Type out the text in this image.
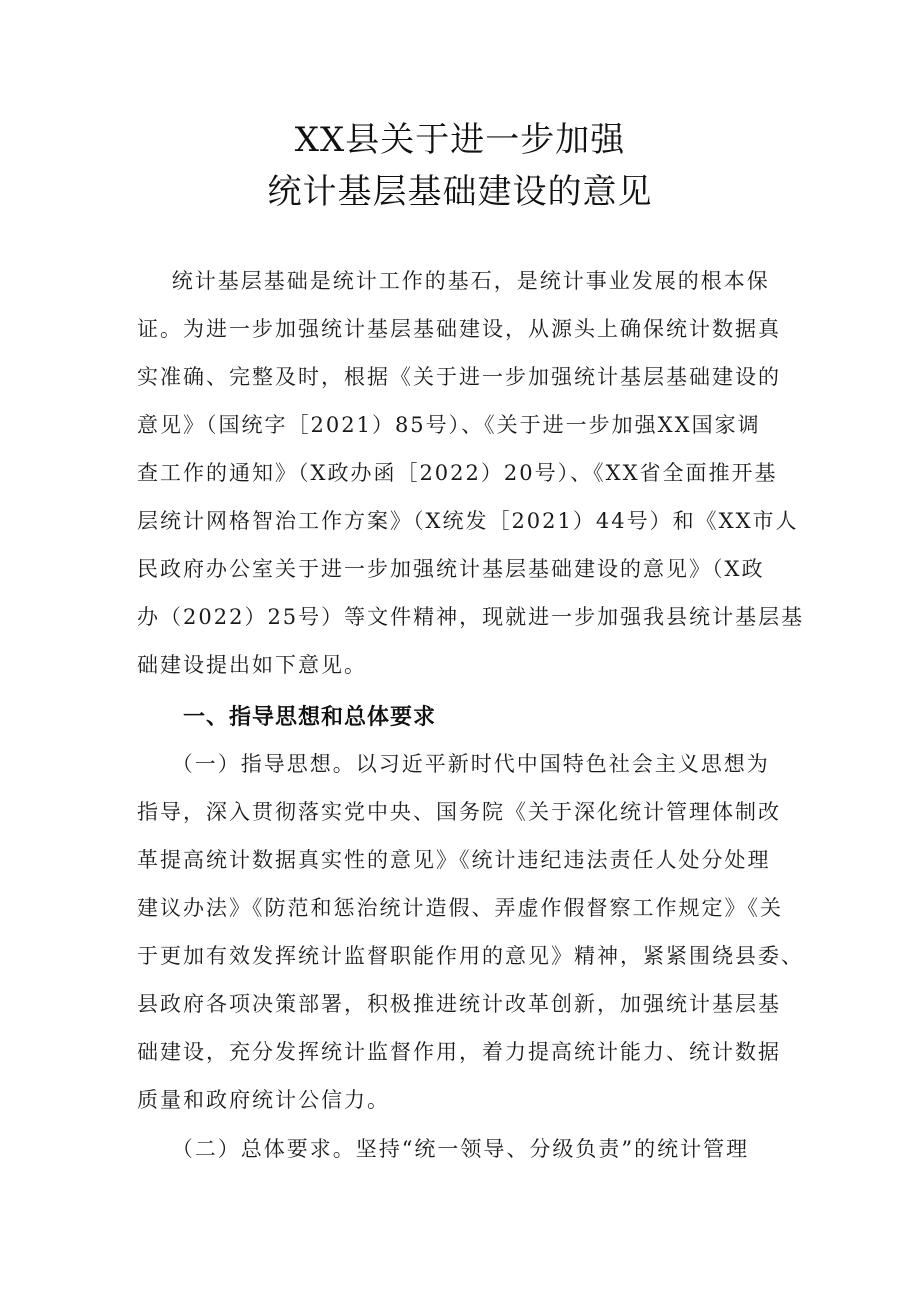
XX县关于进一步加强
统计基层基础建设的意见
统计基层基础是统计工作的基石，是统计事业发展的根本保
证。为进一步加强统计基层基础建设，从源头上确保统计数据真
实准确、完整及时，根据《关于进一步加强统计基层基础建设的
意见》（国统字［2021）85号）、《关于进一步加强XX国家调
查工作的通知》（X政办函［2022）20号）、《XX省全面推开基
层统计网格智治工作方案》（X统发［2021）44号）和《XX市人
民政府办公室关于进一步加强统计基层基础建设的意见》（X政
办（2022）25号）等文件精神，现就进一步加强我县统计基层基
础建设提出如下意见。
一、指导思想和总体要求
（一）指导思想。以习近平新时代中国特色社会主义思想为
指导，深入贯彻落实党中央、国务院《关于深化统计管理体制改
革提高统计数据真实性的意见》《统计违纪违法责任人处分处理
建议办法》《防范和惩治统计造假、弄虚作假督察工作规定》《关
于更加有效发挥统计监督职能作用的意见》精神，紧紧围绕县委、
县政府各项决策部署，积极推进统计改革创新，加强统计基层基
础建设，充分发挥统计监督作用，着力提高统计能力、统计数据
质量和政府统计公信力。
（二）总体要求。坚持“统一领导、分级负责”的统计管理
